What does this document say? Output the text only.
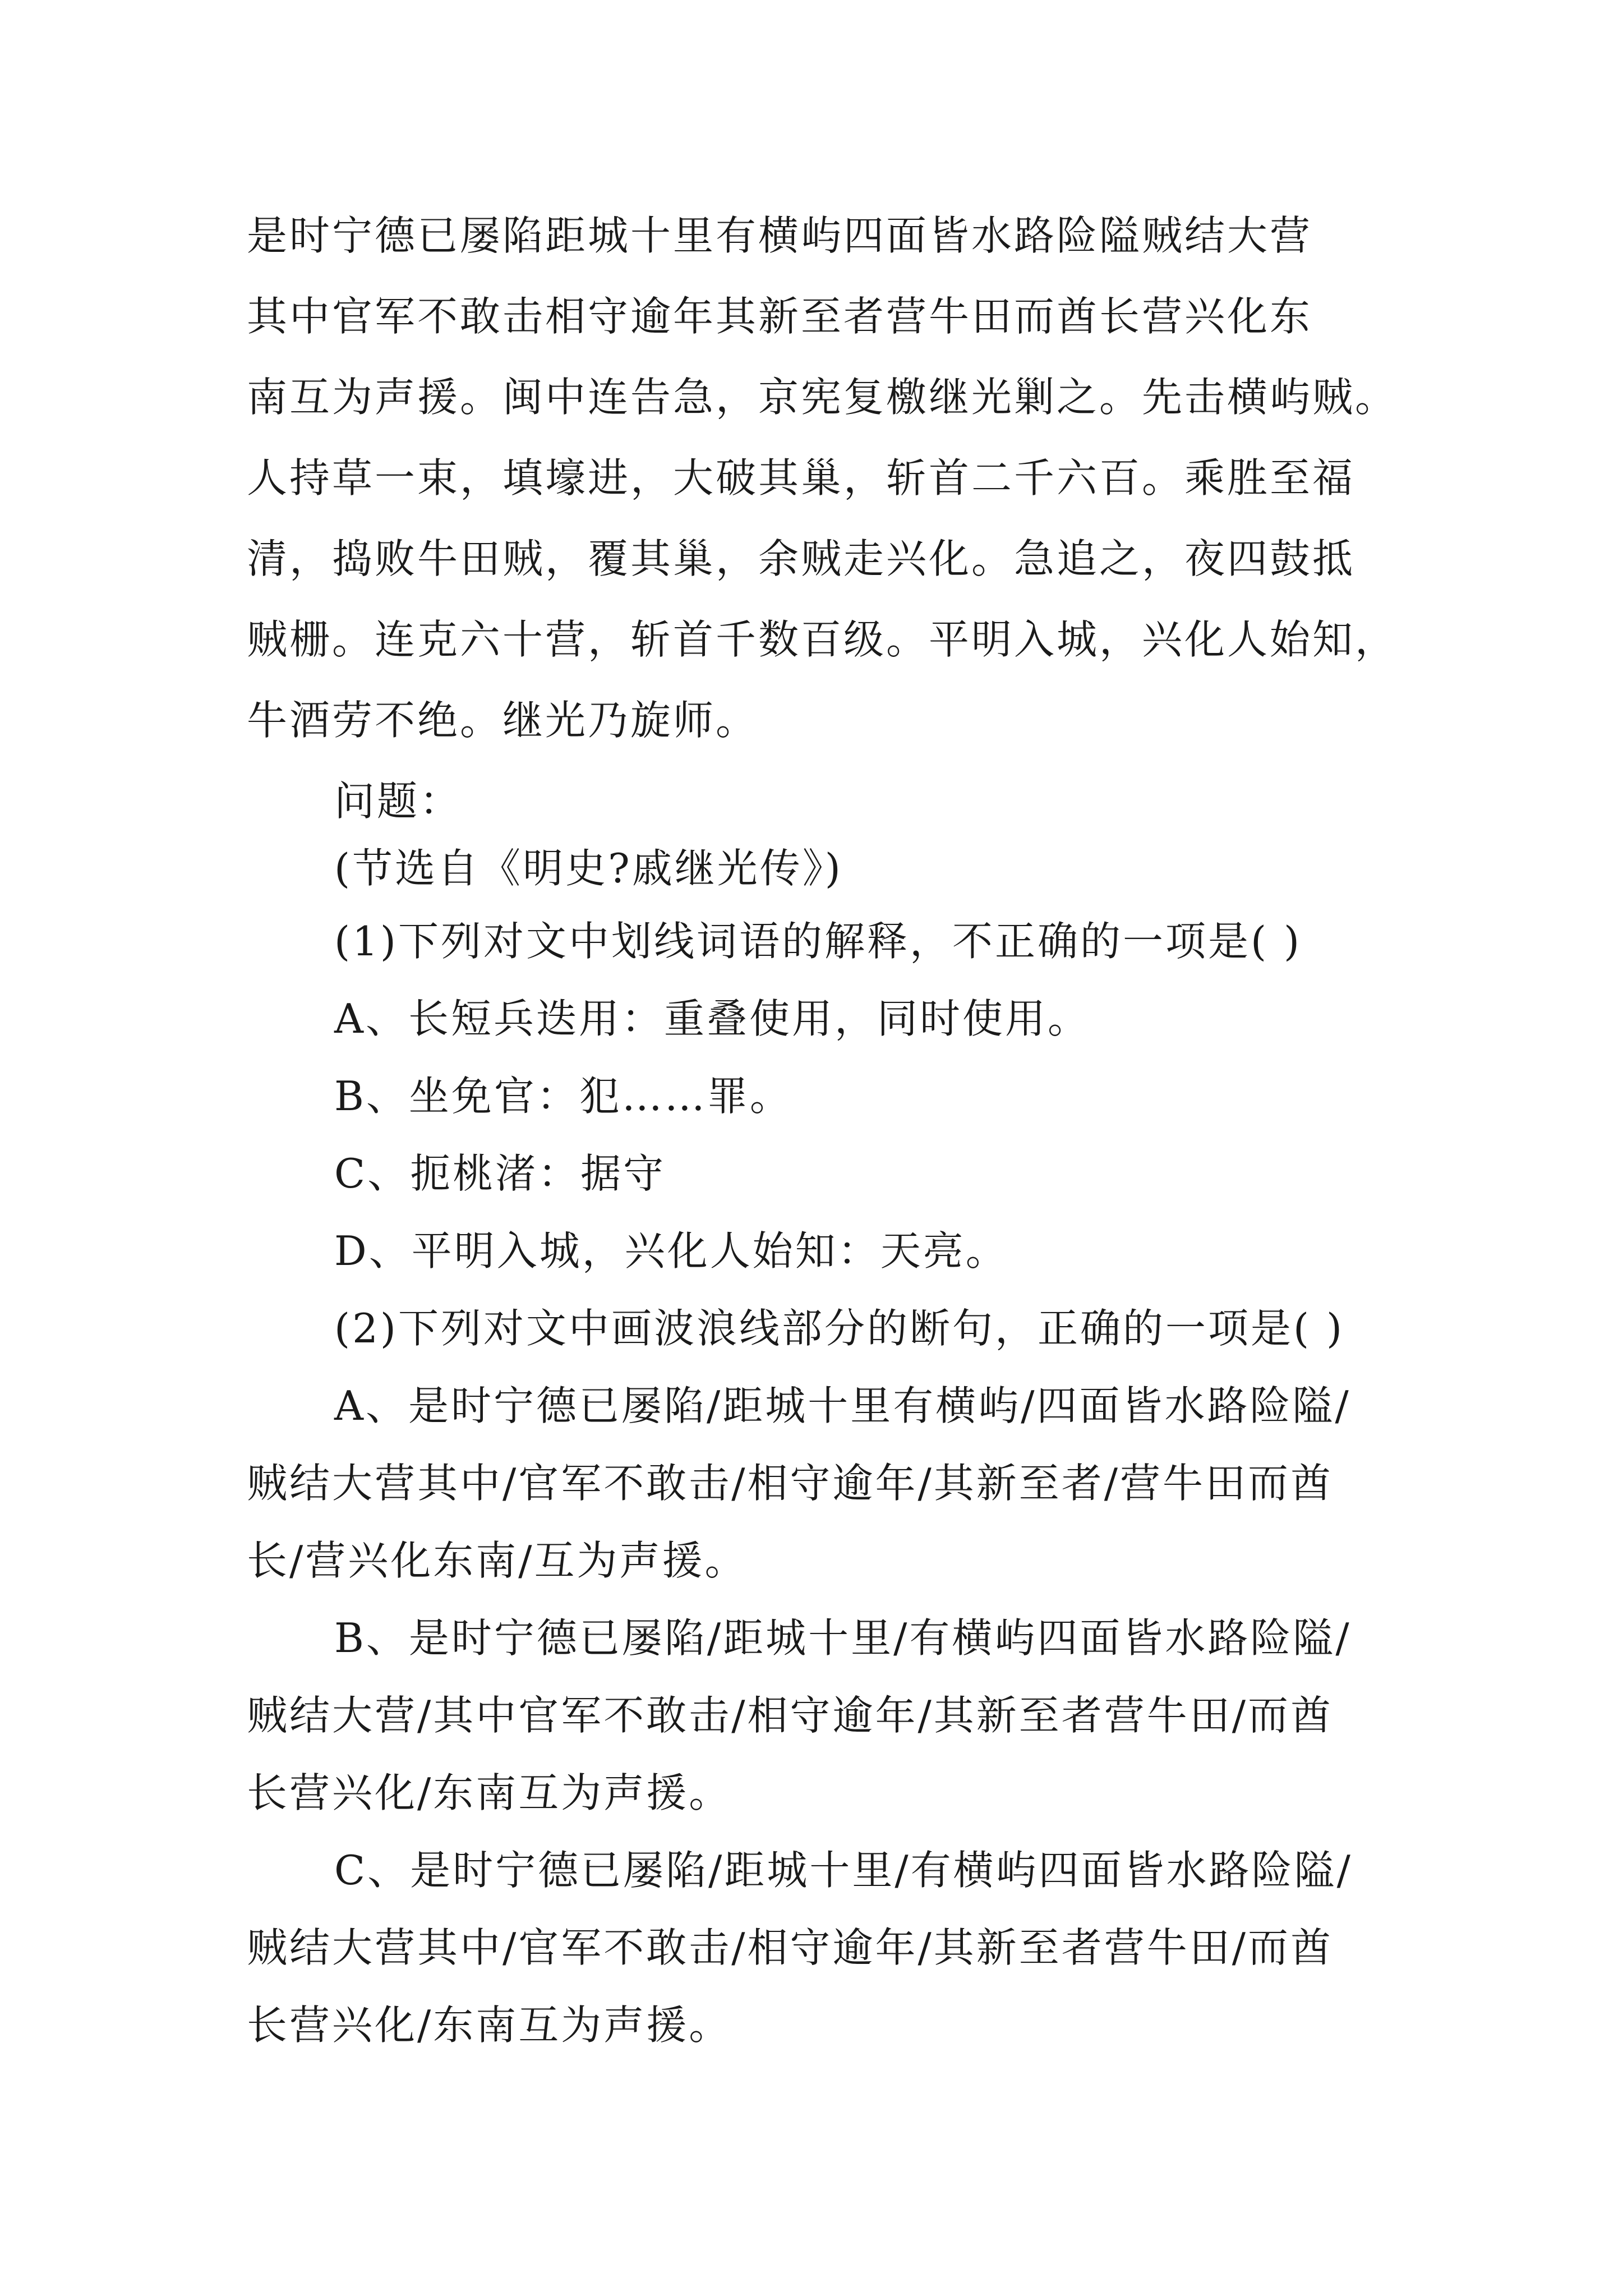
是时宁德已屡陷距城十里有横屿四面皆水路险隘贼结大营
其中官军不敢击相守逾年其新至者营牛田而酋长营兴化东
南互为声援。闽中连告急，京宪复檄继光剿之。先击横屿贼。
人持草一束，填壕进，大破其巢，斩首二千六百。乘胜至福
清，捣败牛田贼，覆其巢，余贼走兴化。急追之，夜四鼓抵
贼栅。连克六十营，斩首千数百级。平明入城，兴化人始知，
牛酒劳不绝。继光乃旋师。
问题：
(节选自《明史?戚继光传》)
(1)下列对文中划线词语的解释，不正确的一项是( )
A、长短兵迭用：重叠使用，同时使用。
B、坐免官：犯……罪。
C、扼桃渚：据守
D、平明入城，兴化人始知：天亮。
(2)下列对文中画波浪线部分的断句，正确的一项是( )
A、是时宁德已屡陷/距城十里有横屿/四面皆水路险隘/
贼结大营其中/官军不敢击/相守逾年/其新至者/营牛田而酋
长/营兴化东南/互为声援。
B、是时宁德已屡陷/距城十里/有横屿四面皆水路险隘/
贼结大营/其中官军不敢击/相守逾年/其新至者营牛田/而酋
长营兴化/东南互为声援。
C、是时宁德已屡陷/距城十里/有横屿四面皆水路险隘/
贼结大营其中/官军不敢击/相守逾年/其新至者营牛田/而酋
长营兴化/东南互为声援。
